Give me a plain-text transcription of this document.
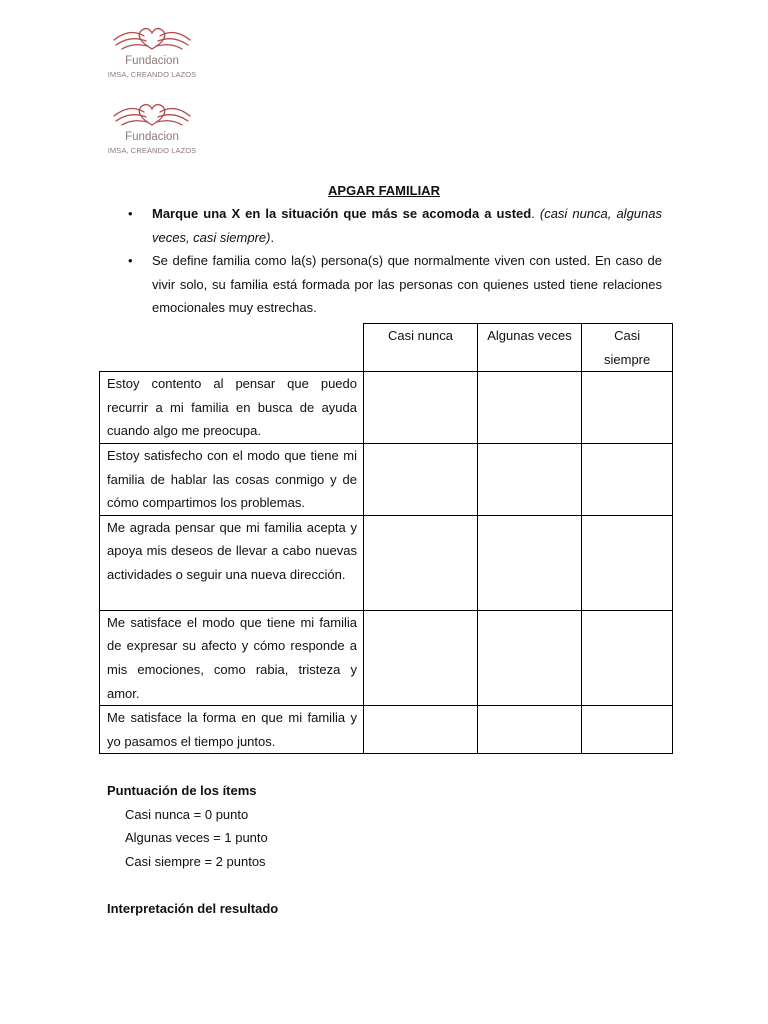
Fundacion
IMSA, CREANDO LAZOS
Fundacion
IMSA, CREANDO LAZOS
APGAR FAMILIAR
• Marque una X en la situación que más se acomoda a usted. (casi nunca, algunas veces, casi siempre).
• Se define familia como la(s) persona(s) que normalmente viven con usted. En caso de vivir solo, su familia está formada por las personas con quienes usted tiene relaciones emocionales muy estrechas.
	Casi nunca	Algunas veces	Casi siempre
Estoy contento al pensar que puedo recurrir a mi familia en busca de ayuda cuando algo me preocupa.			
Estoy satisfecho con el modo que tiene mi familia de hablar las cosas conmigo y de cómo compartimos los problemas.			
Me agrada pensar que mi familia acepta y apoya mis deseos de llevar a cabo nuevas actividades o seguir una nueva dirección.			
Me satisface el modo que tiene mi familia de expresar su afecto y cómo responde a mis emociones, como rabia, tristeza y amor.			
Me satisface la forma en que mi familia y yo pasamos el tiempo juntos.			
Puntuación de los ítems
Casi nunca = 0 punto
Algunas veces = 1 punto
Casi siempre = 2 puntos
Interpretación del resultado
